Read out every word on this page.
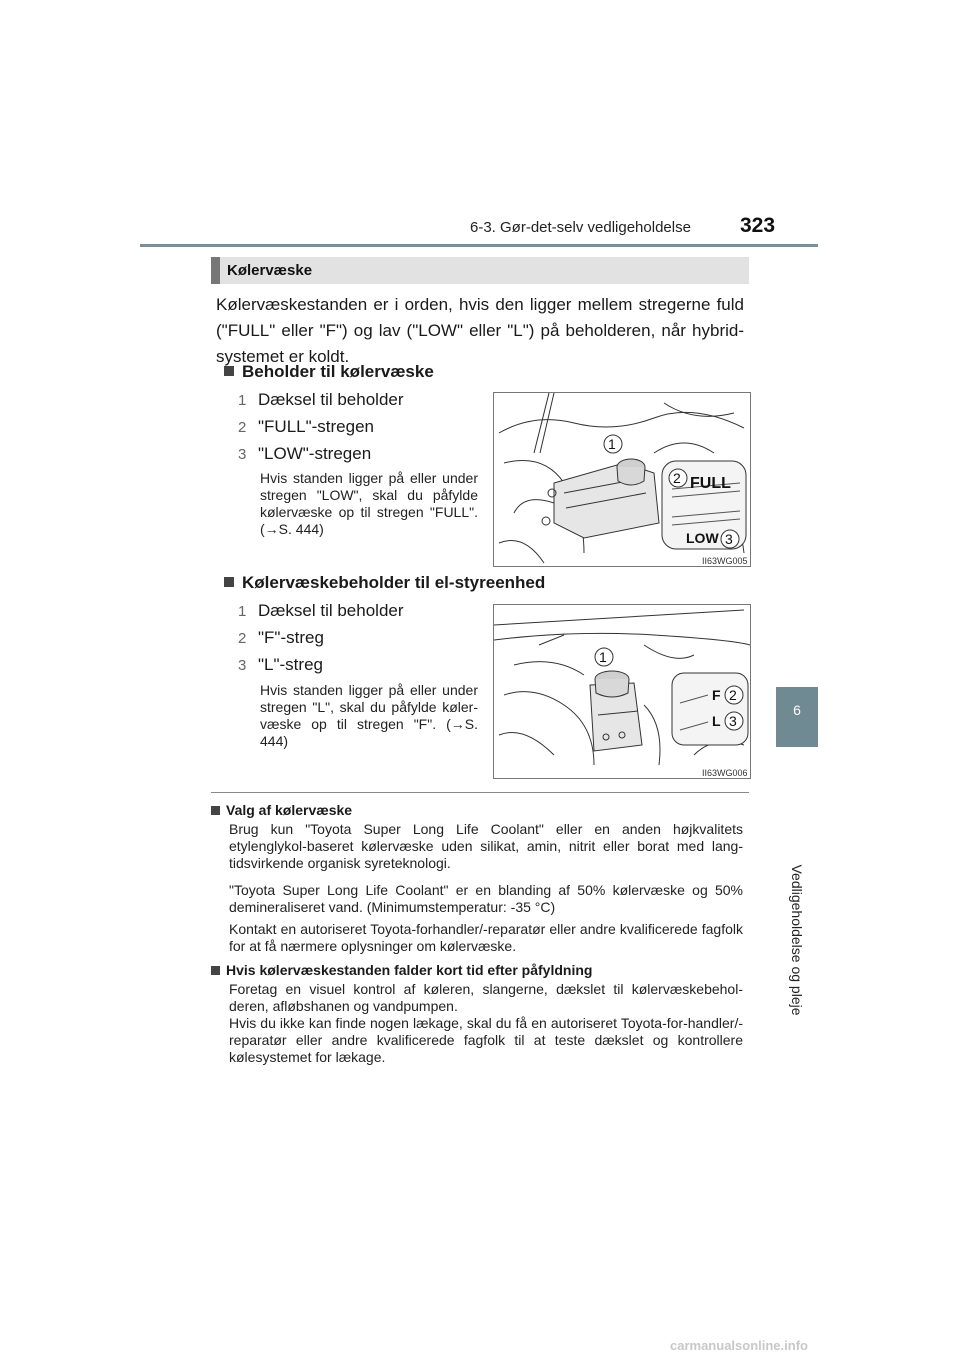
6-3. Gør-det-selv vedligeholdelse 323
6
Vedligeholdelse og pleje
Kølervæske
Kølervæskestanden er i orden, hvis den ligger mellem stregerne fuld ("FULL" eller "F") og lav ("LOW" eller "L") på beholderen, når hybrid-systemet er koldt.
Beholder til kølervæske
1 Dæksel til beholder
2 "FULL"-stregen
3 "LOW"-stregen
Hvis standen ligger på eller under stregen "LOW", skal du påfylde kølervæske op til stregen "FULL". (→S. 444)
FULL
LOW
1
2
3
II63WG005
Kølervæskebeholder til el-styreenhed
1 Dæksel til beholder
2 "F"-streg
3 "L"-streg
Hvis standen ligger på eller under stregen "L", skal du påfylde køler-væske op til stregen "F". (→S. 444)
F
L
1
2
3
II63WG006
Valg af kølervæske
Brug kun "Toyota Super Long Life Coolant" eller en anden højkvalitets etylenglykol-baseret kølervæske uden silikat, amin, nitrit eller borat med lang-tidsvirkende organisk syreteknologi.
"Toyota Super Long Life Coolant" er en blanding af 50% kølervæske og 50% demineraliseret vand. (Minimumstemperatur: -35 °C)
Kontakt en autoriseret Toyota-forhandler/-reparatør eller andre kvalificerede fagfolk for at få nærmere oplysninger om kølervæske.
Hvis kølervæskestanden falder kort tid efter påfyldning
Foretag en visuel kontrol af køleren, slangerne, dækslet til kølervæskebehol-deren, afløbshanen og vandpumpen.
Hvis du ikke kan finde nogen lækage, skal du få en autoriseret Toyota-for-handler/-reparatør eller andre kvalificerede fagfolk til at teste dækslet og kontrollere kølesystemet for lækage.
carmanualsonline.info
